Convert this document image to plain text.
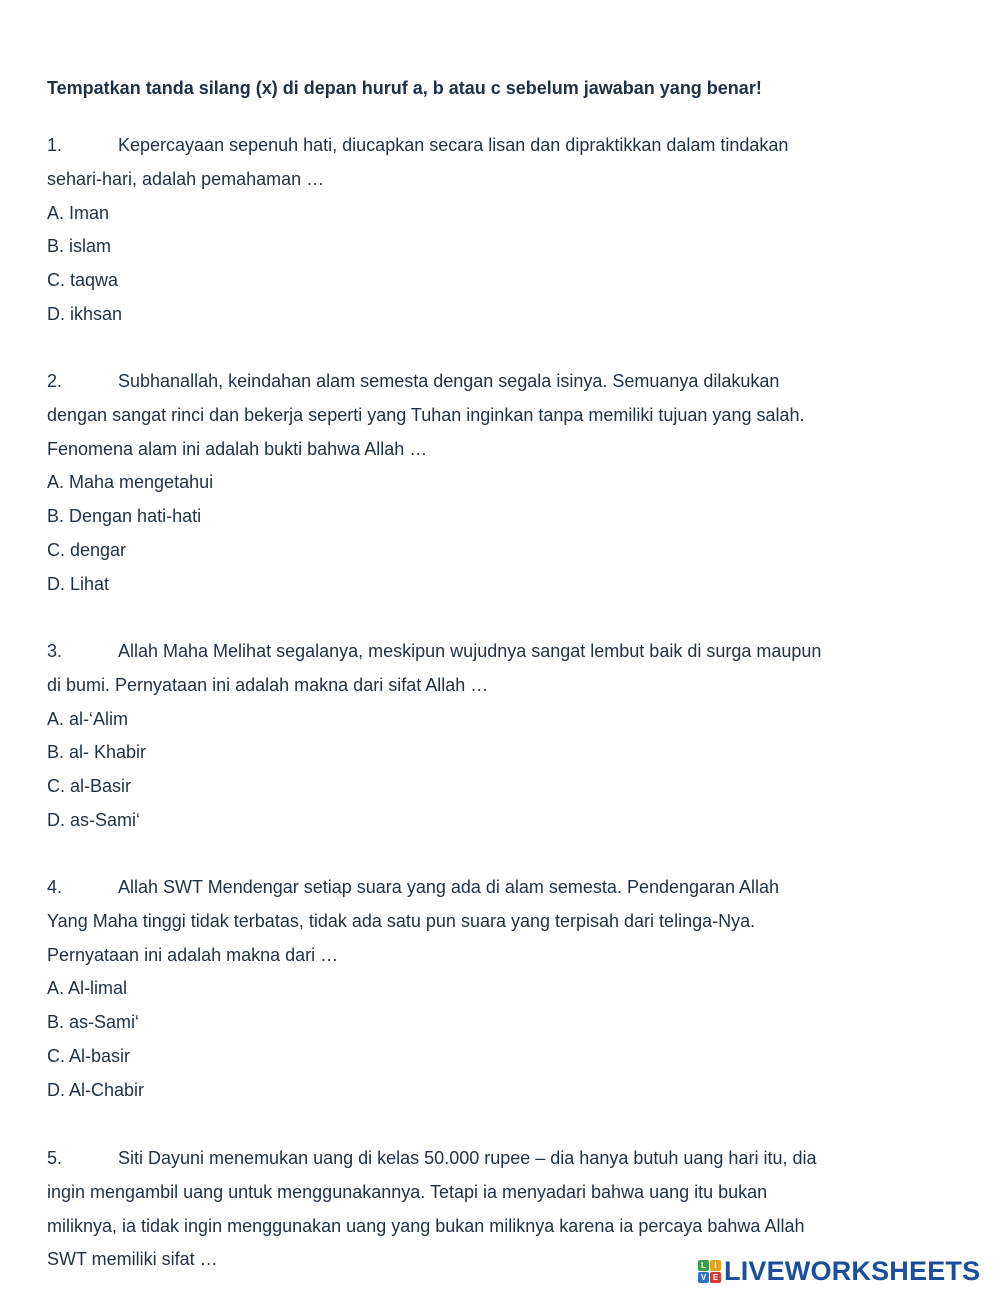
Tempatkan tanda silang (x) di depan huruf a, b atau c sebelum jawaban yang benar!
1.	Kepercayaan sepenuh hati, diucapkan secara lisan dan dipraktikkan dalam tindakan
sehari-hari, adalah pemahaman …
A. Iman
B. islam
C. taqwa
D. ikhsan
2.	Subhanallah, keindahan alam semesta dengan segala isinya. Semuanya dilakukan
dengan sangat rinci dan bekerja seperti yang Tuhan inginkan tanpa memiliki tujuan yang salah.
Fenomena alam ini adalah bukti bahwa Allah …
A. Maha mengetahui
B. Dengan hati-hati
C. dengar
D. Lihat
3.	Allah Maha Melihat segalanya, meskipun wujudnya sangat lembut baik di surga maupun
di bumi. Pernyataan ini adalah makna dari sifat Allah …
A. al-‘Alim
B. al- Khabir
C. al-Basir
D. as-Sami‘
4.	Allah SWT Mendengar setiap suara yang ada di alam semesta. Pendengaran Allah
Yang Maha tinggi tidak terbatas, tidak ada satu pun suara yang terpisah dari telinga-Nya.
Pernyataan ini adalah makna dari …
A. Al-limal
B. as-Sami‘
C. Al-basir
D. Al-Chabir
5.	Siti Dayuni menemukan uang di kelas 50.000 rupee – dia hanya butuh uang hari itu, dia
ingin mengambil uang untuk menggunakannya. Tetapi ia menyadari bahwa uang itu bukan
miliknya, ia tidak ingin menggunakan uang yang bukan miliknya karena ia percaya bahwa Allah
SWT memiliki sifat …	L	I
V E LIVEWORKSHEETS
